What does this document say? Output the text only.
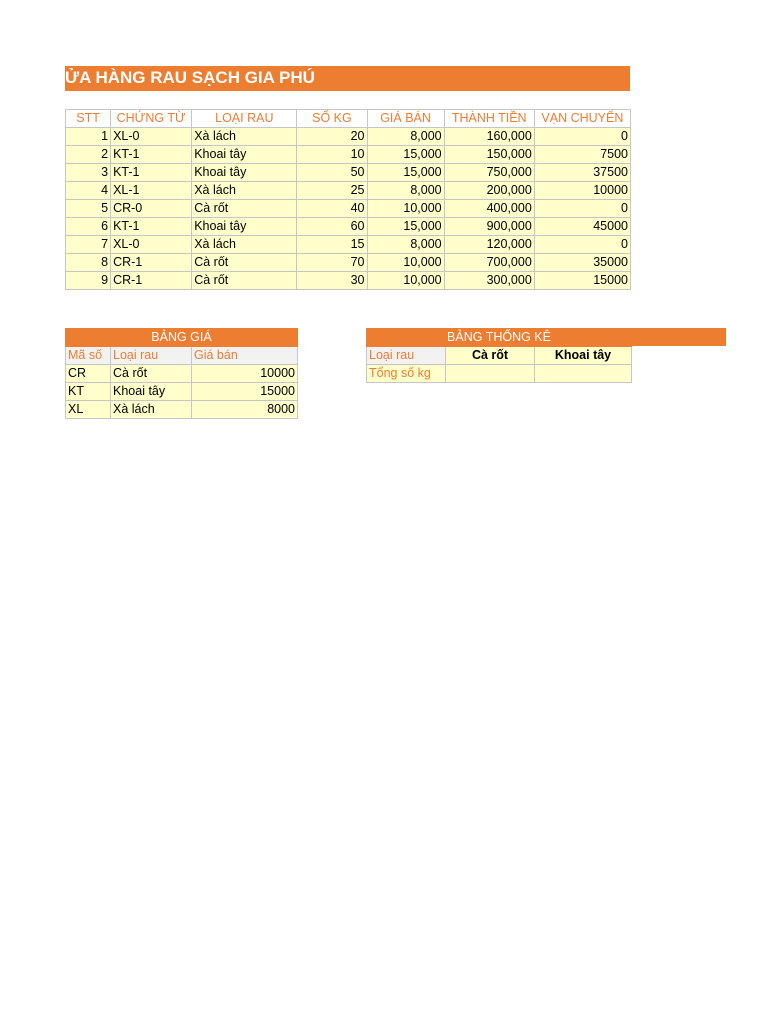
ỬA HÀNG RAU SẠCH GIA PHÚ
STT	CHỨNG TỪ	LOẠI RAU	SỐ KG	GIÁ BÁN	THÀNH TIỀN	VẠN CHUYỂN
1	XL-0	Xà lách	20	8,000	160,000	0
2	KT-1	Khoai tây	10	15,000	150,000	7500
3	KT-1	Khoai tây	50	15,000	750,000	37500
4	XL-1	Xà lách	25	8,000	200,000	10000
5	CR-0	Cà rốt	40	10,000	400,000	0
6	KT-1	Khoai tây	60	15,000	900,000	45000
7	XL-0	Xà lách	15	8,000	120,000	0
8	CR-1	Cà rốt	70	10,000	700,000	35000
9	CR-1	Cà rốt	30	10,000	300,000	15000
BẢNG GIÁ		
Mã số	Loại rau	Giá bán
CR	Cà rốt	10000
KT	Khoai tây	15000
XL	Xà lách	8000
BẢNG THỐNG KÊ		
Loại rau	Cà rốt	Khoai tây
Tổng số kg		
